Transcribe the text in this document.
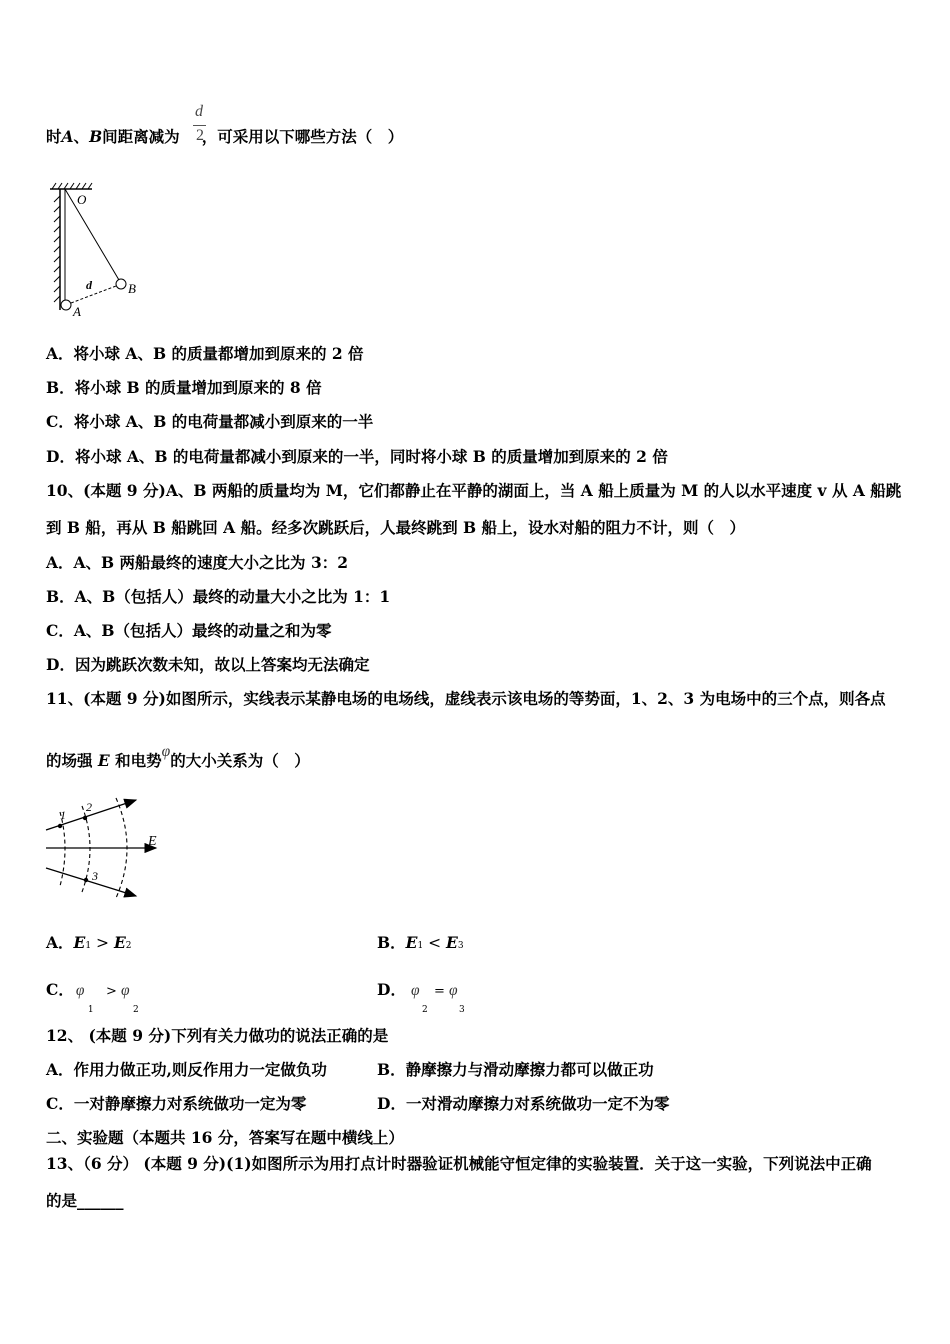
时A、B间距离减为 ，可采用以下哪些方法（　）
d
2
O
B
A
d
A．将小球 A、B 的质量都增加到原来的 2 倍
B．将小球 B 的质量增加到原来的 8 倍
C．将小球 A、B 的电荷量都减小到原来的一半
D．将小球 A、B 的电荷量都减小到原来的一半，同时将小球 B 的质量增加到原来的 2 倍
10、(本题 9 分)A、B 两船的质量均为 M，它们都静止在平静的湖面上，当 A 船上质量为 M 的人以水平速度 v 从 A 船跳
到 B 船，再从 B 船跳回 A 船。经多次跳跃后，人最终跳到 B 船上，设水对船的阻力不计，则（　）
A．A、B 两船最终的速度大小之比为 3：2
B．A、B（包括人）最终的动量大小之比为 1：1
C．A、B（包括人）最终的动量之和为零
D．因为跳跃次数未知，故以上答案均无法确定
11、(本题 9 分)如图所示，实线表示某静电场的电场线，虚线表示该电场的等势面，1、2、3 为电场中的三个点，则各点
的场强 E 和电势φ的大小关系为（　）
1
2
3
E
A．E1 > E2	B．E1 < E3
C． φ
1
> φ
2
D． φ
2
= φ
3
12、 (本题 9 分)下列有关力做功的说法正确的是
A．作用力做正功,则反作用力一定做负功	B．静摩擦力与滑动摩擦力都可以做正功
C．一对静摩擦力对系统做功一定为零	D．一对滑动摩擦力对系统做功一定不为零
二、实验题（本题共 16 分，答案写在题中横线上）
13、（6 分） (本题 9 分)(1)如图所示为用打点计时器验证机械能守恒定律的实验装置．关于这一实验，下列说法中正确
的是______
